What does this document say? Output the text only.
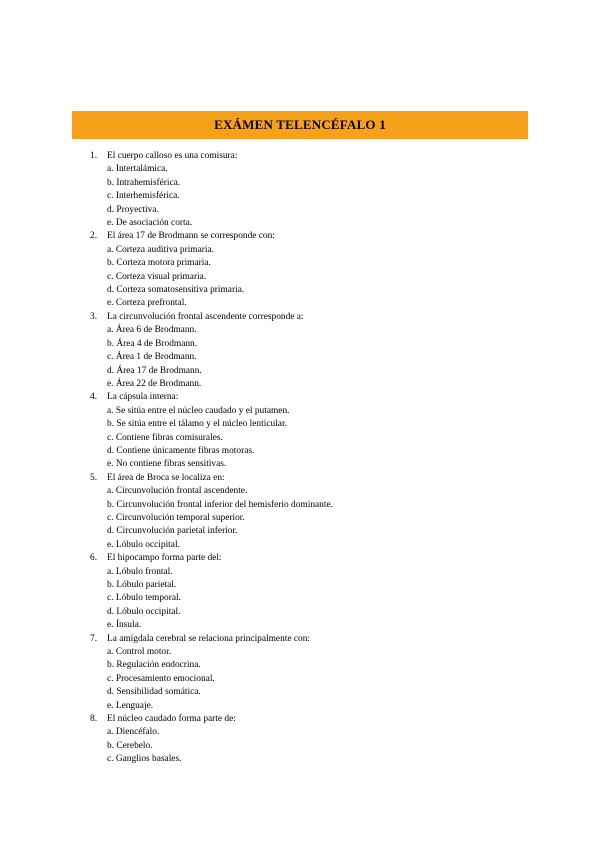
EXÁMEN TELENCÉFALO 1
1.	El cuerpo calloso es una comisura:
a. Intertalámica.
b. Intrahemisférica.
c. Interhemisférica.
d. Proyectiva.
e. De asociación corta.
2.	El área 17 de Brodmann se corresponde con:
a. Corteza auditiva primaria.
b. Corteza motora primaria.
c. Corteza visual primaria.
d. Corteza somatosensitiva primaria.
e. Corteza prefrontal.
3.	La circunvolución frontal ascendente corresponde a:
a. Área 6 de Brodmann.
b. Área 4 de Brodmann.
c. Área 1 de Brodmann.
d. Área 17 de Brodmann.
e. Área 22 de Brodmann.
4.	La cápsula interna:
a. Se sitúa entre el núcleo caudado y el putamen.
b. Se sitúa entre el tálamo y el núcleo lenticular.
c. Contiene fibras comisurales.
d. Contiene únicamente fibras motoras.
e. No contiene fibras sensitivas.
5.	El área de Broca se localiza en:
a. Circunvolución frontal ascendente.
b. Circunvolución frontal inferior del hemisferio dominante.
c. Circunvolución temporal superior.
d. Circunvolución parietal inferior.
e. Lóbulo occipital.
6.	El hipocampo forma parte del:
a. Lóbulo frontal.
b. Lóbulo parietal.
c. Lóbulo temporal.
d. Lóbulo occipital.
e. Ínsula.
7.	La amígdala cerebral se relaciona principalmente con:
a. Control motor.
b. Regulación endocrina.
c. Procesamiento emocional.
d. Sensibilidad somática.
e. Lenguaje.
8.	El núcleo caudado forma parte de:
a. Diencéfalo.
b. Cerebelo.
c. Ganglios basales.
